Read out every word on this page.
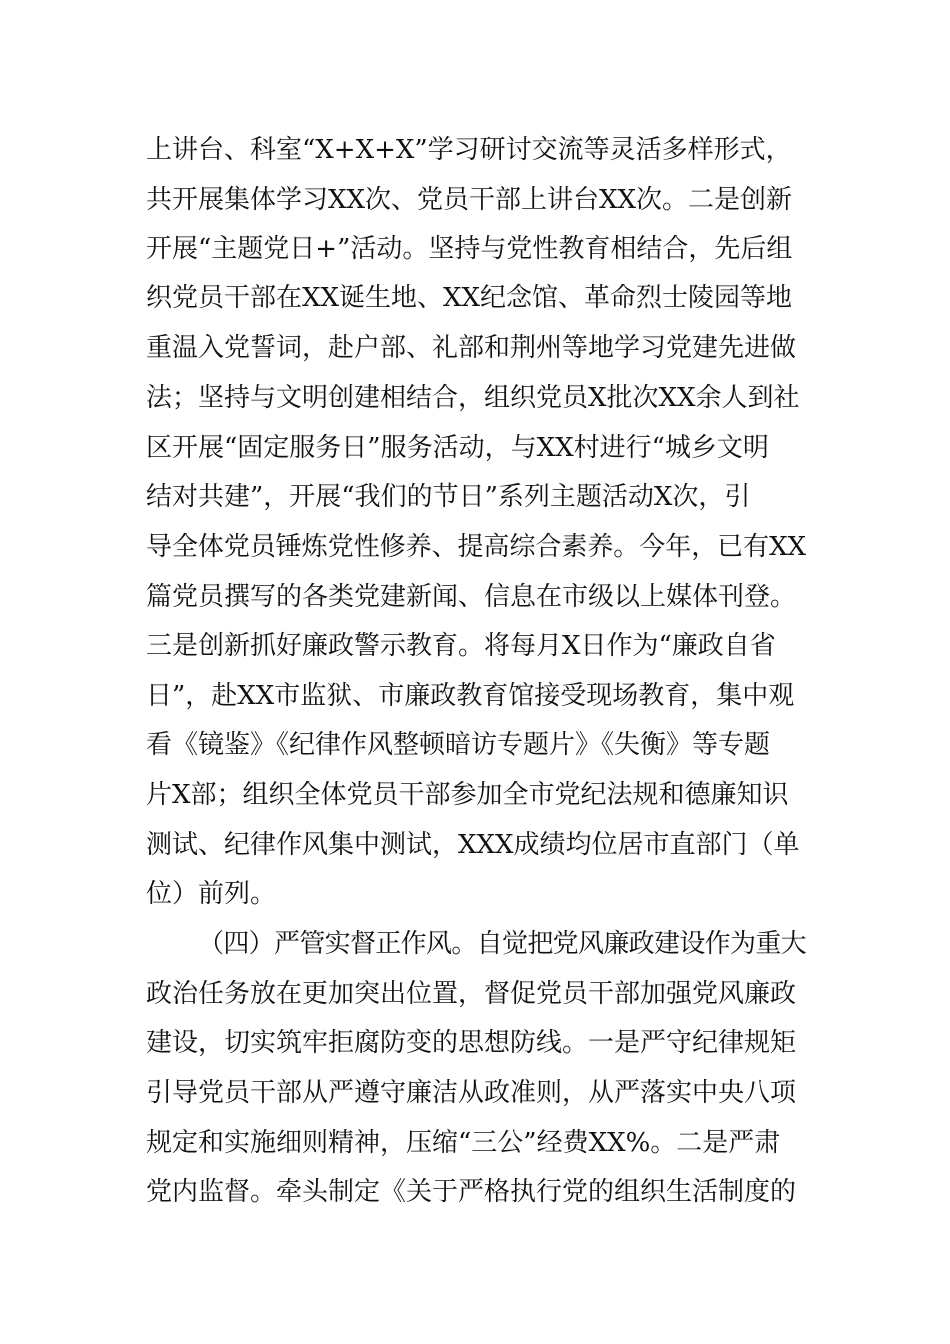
上讲台、科室“X+X+X”学习研讨交流等灵活多样形式，
共开展集体学习XX次、党员干部上讲台XX次。二是创新
开展“主题党日+”活动。坚持与党性教育相结合，先后组
织党员干部在XX诞生地、XX纪念馆、革命烈士陵园等地
重温入党誓词，赴户部、礼部和荆州等地学习党建先进做
法；坚持与文明创建相结合，组织党员X批次XX余人到社
区开展“固定服务日”服务活动，与XX村进行“城乡文明
结对共建”，开展“我们的节日”系列主题活动X次，引
导全体党员锤炼党性修养、提高综合素养。今年，已有XX
篇党员撰写的各类党建新闻、信息在市级以上媒体刊登。
三是创新抓好廉政警示教育。将每月X日作为“廉政自省
日”，赴XX市监狱、市廉政教育馆接受现场教育，集中观
看《镜鉴》《纪律作风整顿暗访专题片》《失衡》等专题
片X部；组织全体党员干部参加全市党纪法规和德廉知识
测试、纪律作风集中测试，XXX成绩均位居市直部门（单
位）前列。
（四）严管实督正作风。自觉把党风廉政建设作为重大
政治任务放在更加突出位置，督促党员干部加强党风廉政
建设，切实筑牢拒腐防变的思想防线。一是严守纪律规矩
引导党员干部从严遵守廉洁从政准则，从严落实中央八项
规定和实施细则精神，压缩“三公”经费XX%。二是严肃
党内监督。牵头制定《关于严格执行党的组织生活制度的
